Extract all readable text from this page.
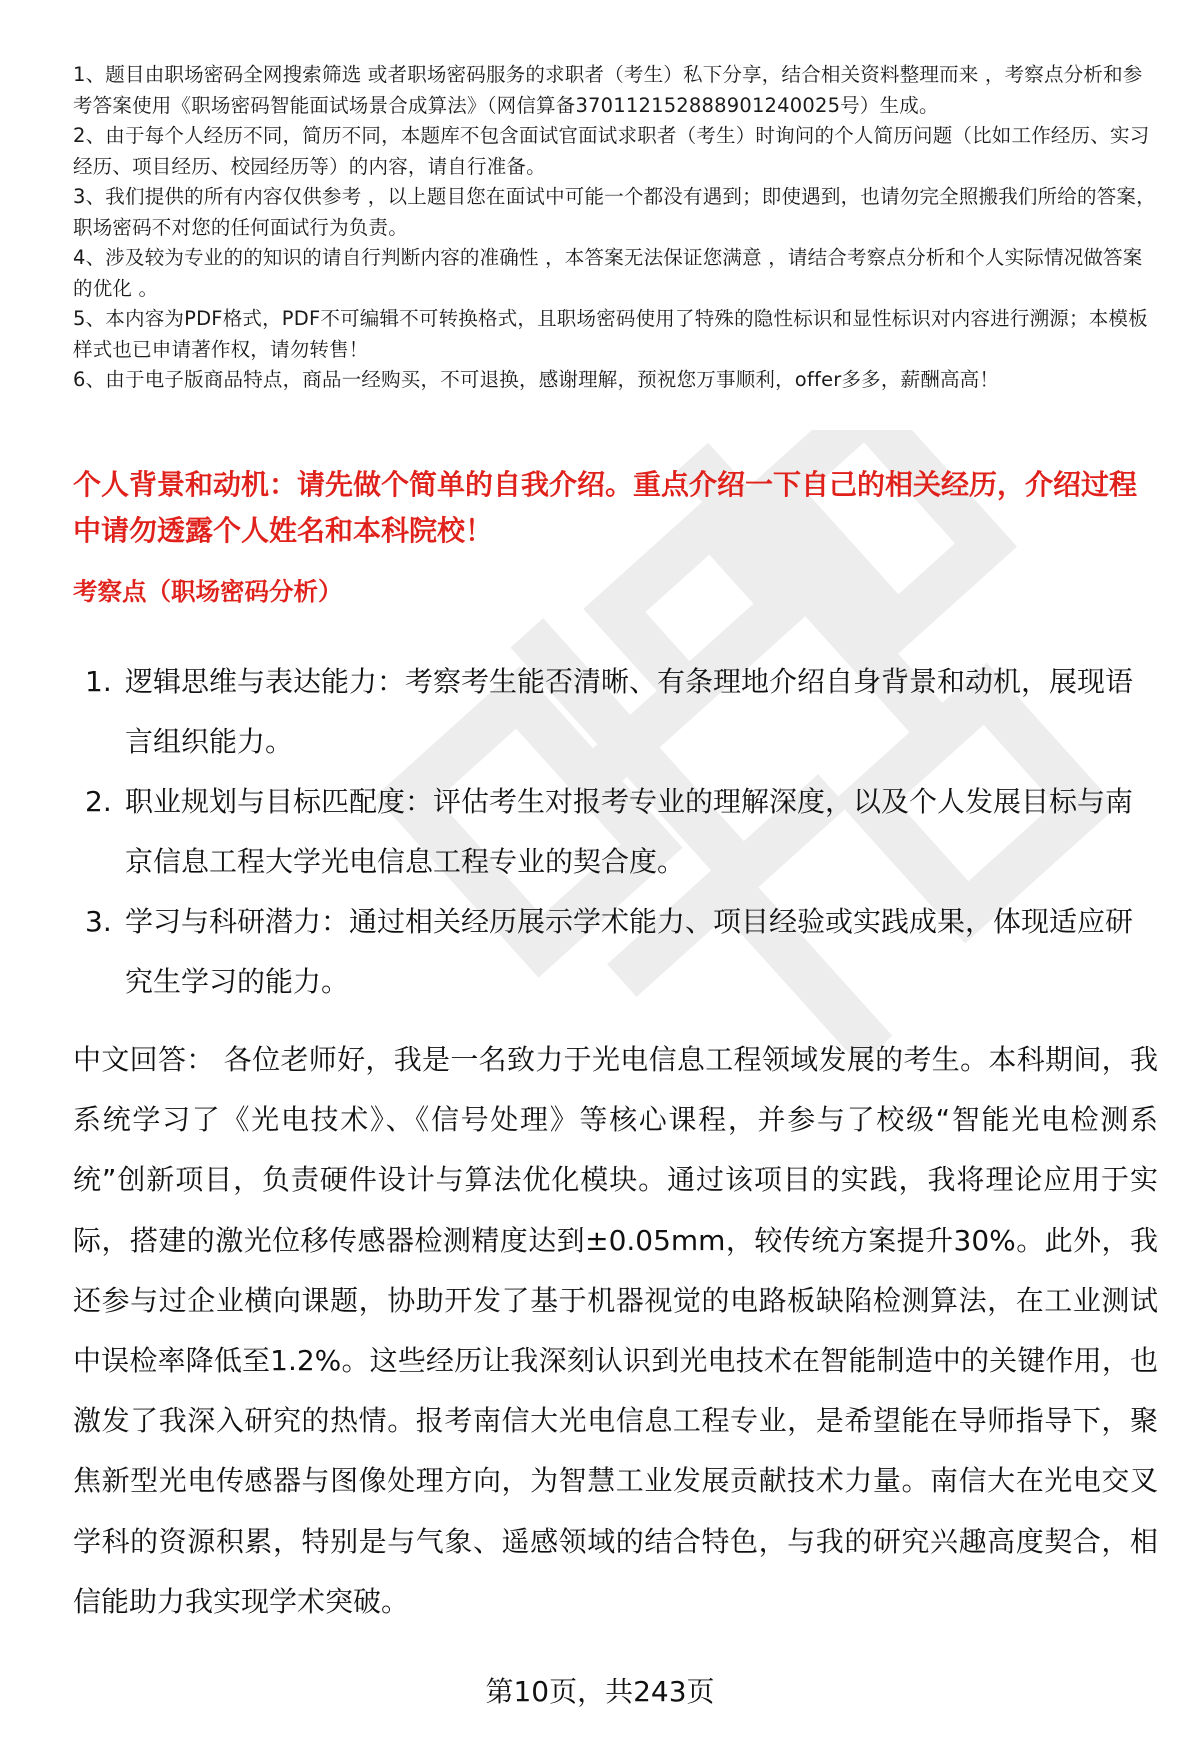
1、题目由职场密码全网搜索筛选 或者职场密码服务的求职者（考生）私下分享，结合相关资料整理而来 ，考察点分析和参考答案使用《职场密码智能面试场景合成算法》（网信算备370112152888901240025号）生成。
2、由于每个人经历不同，简历不同，本题库不包含面试官面试求职者（考生）时询问的个人简历问题（比如工作经历、实习经历、项目经历、校园经历等）的内容，请自行准备。
3、我们提供的所有内容仅供参考 ，以上题目您在面试中可能一个都没有遇到；即使遇到，也请勿完全照搬我们所给的答案，职场密码不对您的任何面试行为负责。
4、涉及较为专业的的知识的请自行判断内容的准确性 ，本答案无法保证您满意 ，请结合考察点分析和个人实际情况做答案的优化 。
5、本内容为PDF格式，PDF不可编辑不可转换格式，且职场密码使用了特殊的隐性标识和显性标识对内容进行溯源；本模板样式也已申请著作权，请勿转售！
6、由于电子版商品特点，商品一经购买，不可退换，感谢理解，预祝您万事顺利，offer多多，薪酬高高！

个人背景和动机：请先做个简单的自我介绍。重点介绍一下自己的相关经历，介绍过程中请勿透露个人姓名和本科院校！

考察点（职场密码分析）

1. 逻辑思维与表达能力：考察考生能否清晰、有条理地介绍自身背景和动机，展现语言组织能力。
2. 职业规划与目标匹配度：评估考生对报考专业的理解深度，以及个人发展目标与南京信息工程大学光电信息工程专业的契合度。
3. 学习与科研潜力：通过相关经历展示学术能力、项目经验或实践成果，体现适应研究生学习的能力。

中文回答： 各位老师好，我是一名致力于光电信息工程领域发展的考生。本科期间，我系统学习了《光电技术》、《信号处理》等核心课程，并参与了校级“智能光电检测系统”创新项目，负责硬件设计与算法优化模块。通过该项目的实践，我将理论应用于实际，搭建的激光位移传感器检测精度达到±0.05mm，较传统方案提升30%。此外，我还参与过企业横向课题，协助开发了基于机器视觉的电路板缺陷检测算法，在工业测试中误检率降低至1.2%。这些经历让我深刻认识到光电技术在智能制造中的关键作用，也激发了我深入研究的热情。报考南信大光电信息工程专业，是希望能在导师指导下，聚焦新型光电传感器与图像处理方向，为智慧工业发展贡献技术力量。南信大在光电交叉学科的资源积累，特别是与气象、遥感领域的结合特色，与我的研究兴趣高度契合，相信能助力我实现学术突破。

第10页，共243页
